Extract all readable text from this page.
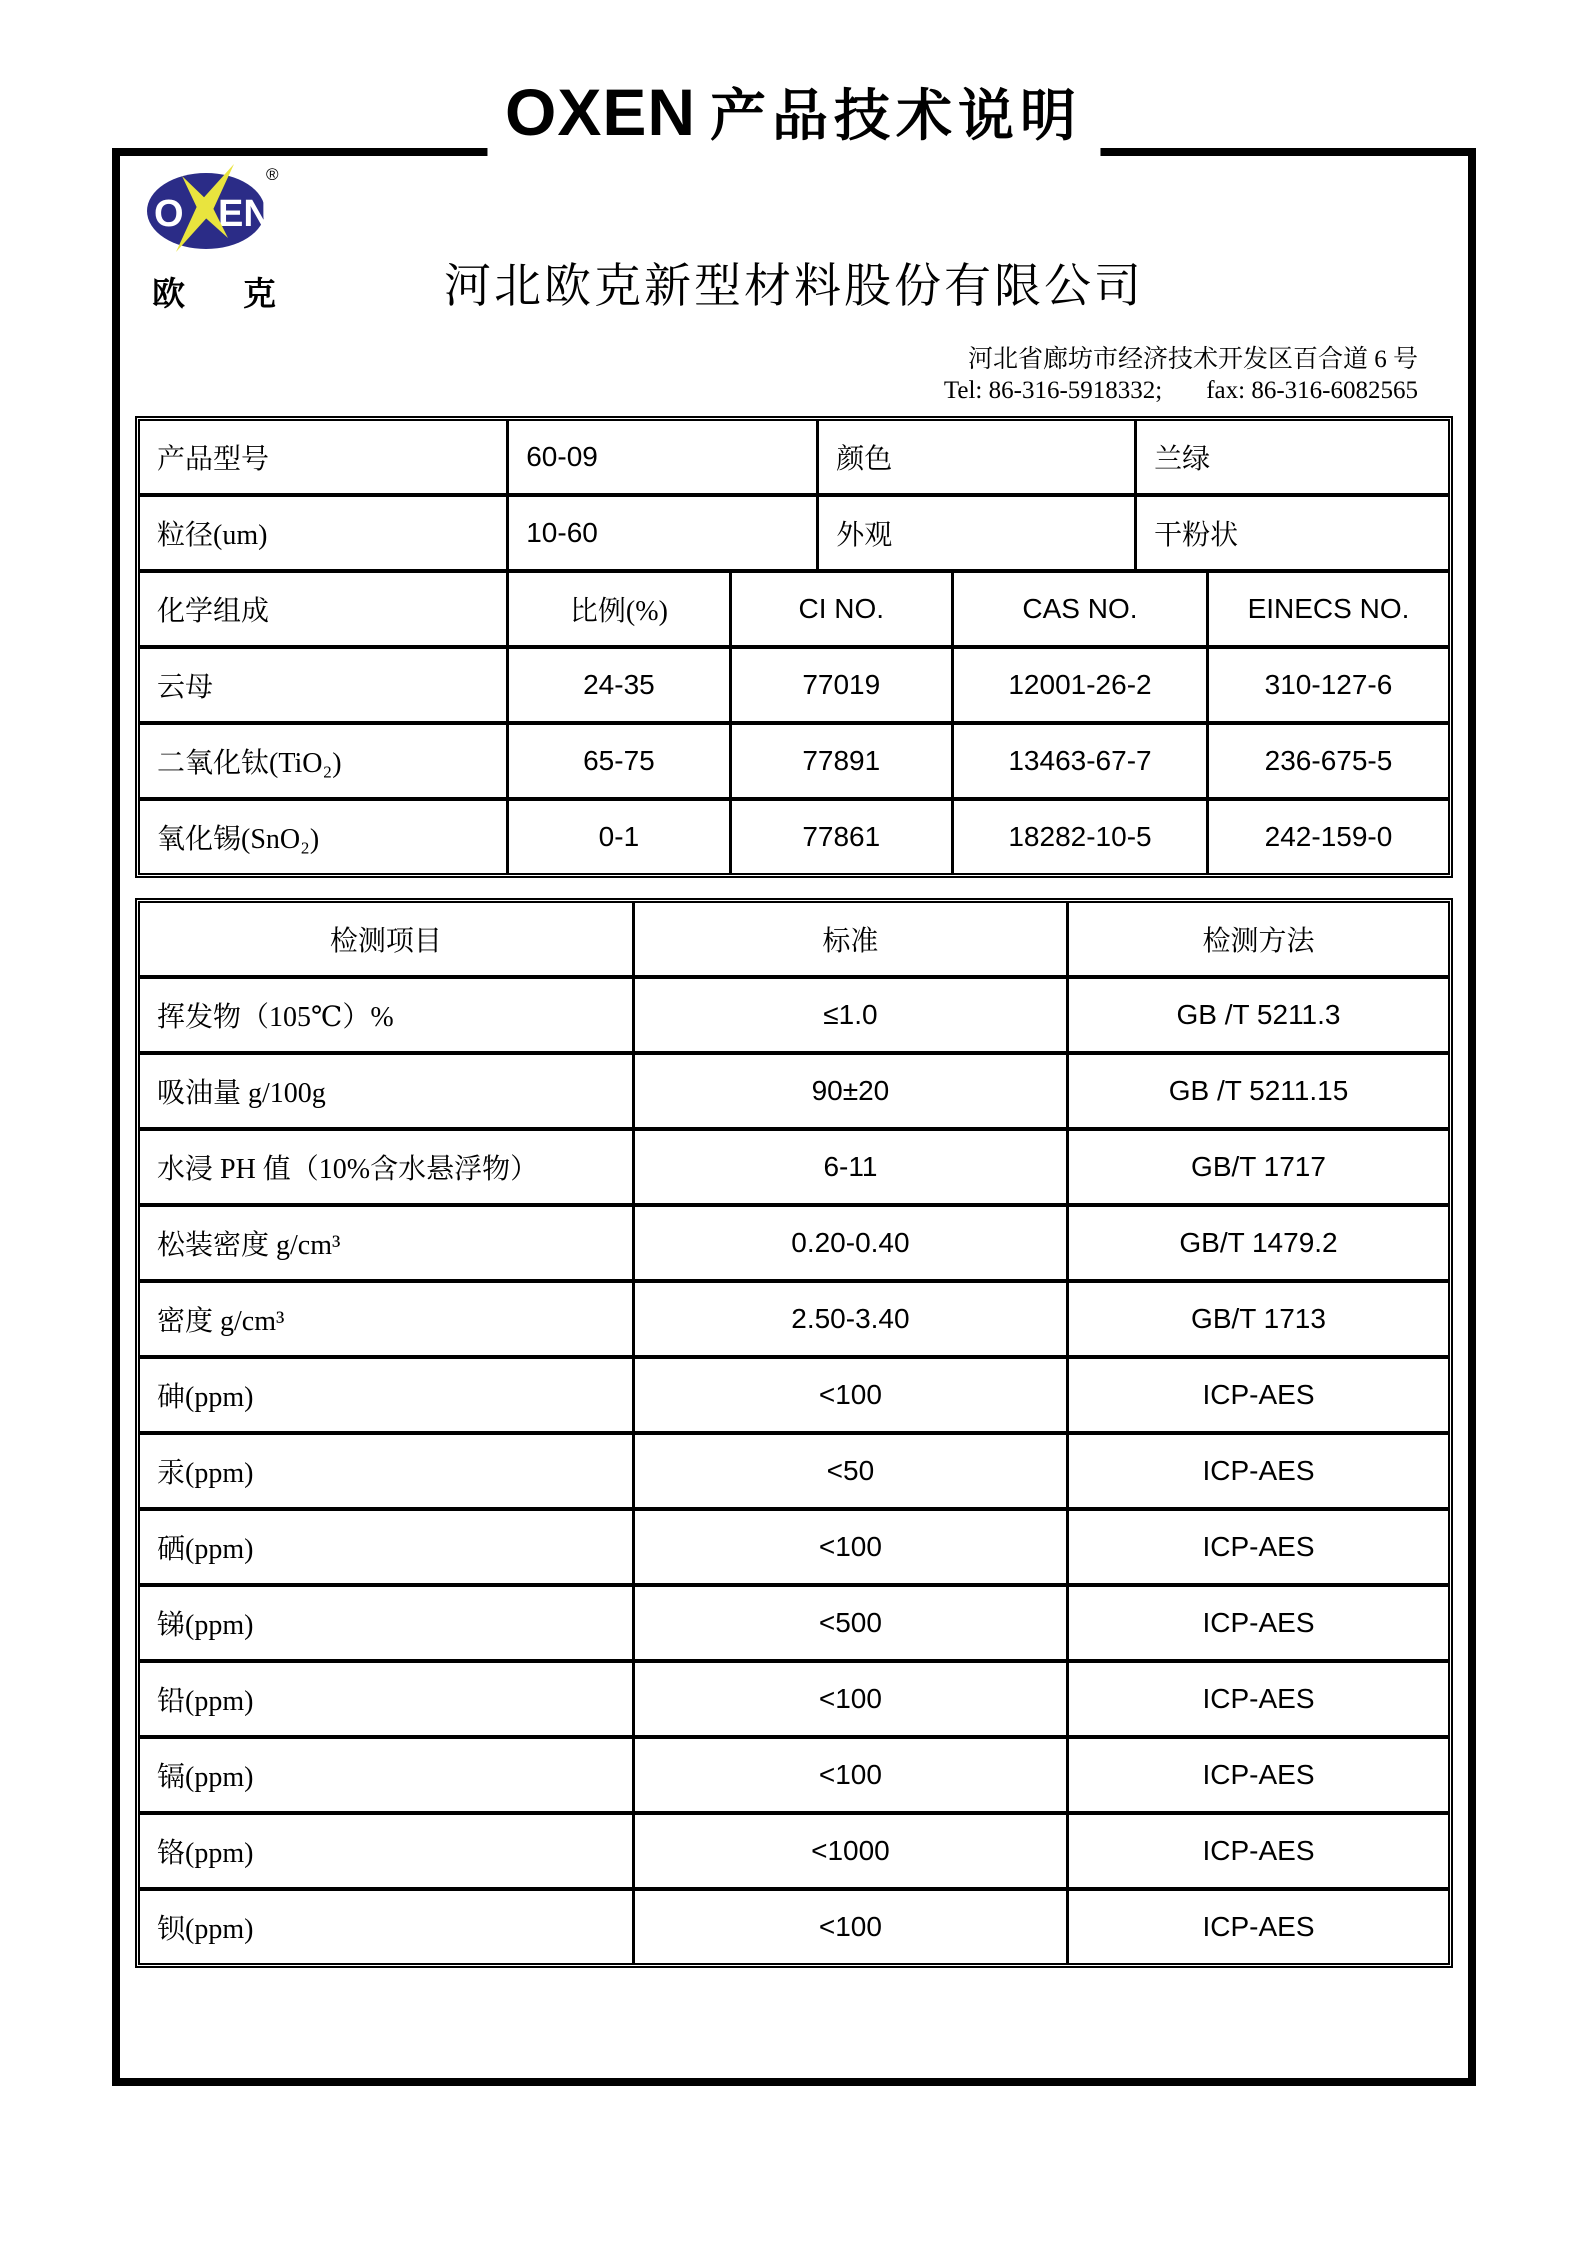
OXEN 产品技术说明
O EN
®
欧 克	河北欧克新型材料股份有限公司
河北省廊坊市经济技术开发区百合道 6 号
Tel: 86-316-5918332; fax: 86-316-6082565
产品型号	60-09	颜色	兰绿
粒径(um)	10-60	外观	干粉状
化学组成	比例(%)	CI NO.	CAS NO.	EINECS NO.
云母	24-35	77019	12001-26-2	310-127-6
二氧化钛(TiO₂)	65-75	77891	13463-67-7	236-675-5
氧化锡(SnO₂)	0-1	77861	18282-10-5	242-159-0
检测项目	标准	检测方法
挥发物（105℃）%	≤1.0	GB /T 5211.3
吸油量 g/100g	90±20	GB /T 5211.15
水浸 PH 值（10%含水悬浮物）	6-11	GB/T 1717
松装密度 g/cm³	0.20-0.40	GB/T 1479.2
密度 g/cm³	2.50-3.40	GB/T 1713
砷(ppm)	<100	ICP-AES
汞(ppm)	<50	ICP-AES
硒(ppm)	<100	ICP-AES
锑(ppm)	<500	ICP-AES
铅(ppm)	<100	ICP-AES
镉(ppm)	<100	ICP-AES
铬(ppm)	<1000	ICP-AES
钡(ppm)	<100	ICP-AES
